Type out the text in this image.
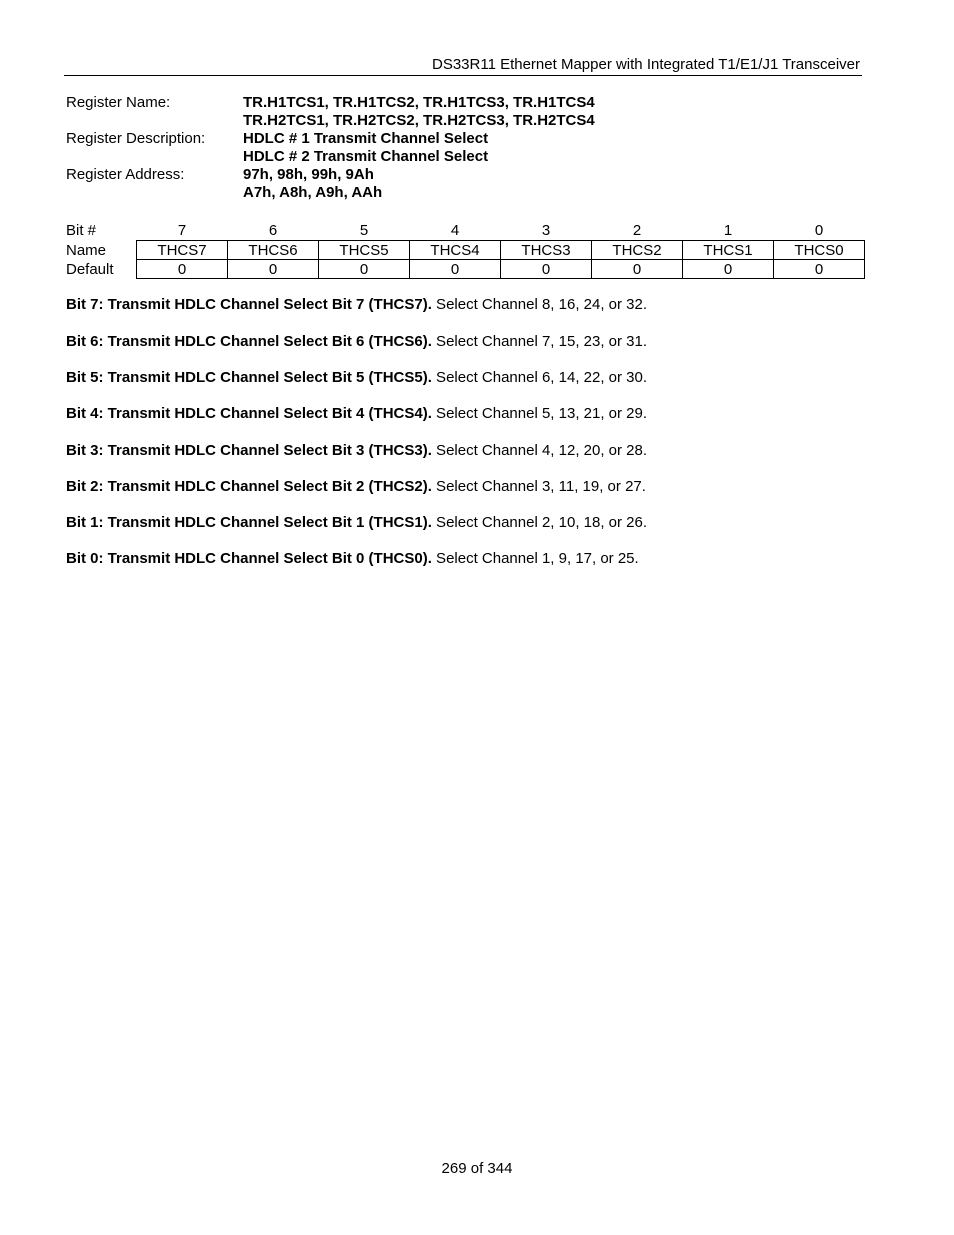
DS33R11 Ethernet Mapper with Integrated T1/E1/J1 Transceiver
Register Name:	TR.H1TCS1, TR.H1TCS2, TR.H1TCS3, TR.H1TCS4
TR.H2TCS1, TR.H2TCS2, TR.H2TCS3, TR.H2TCS4
Register Description:	HDLC # 1 Transmit Channel Select
HDLC # 2 Transmit Channel Select
Register Address:	97h, 98h, 99h, 9Ah
A7h, A8h, A9h, AAh
Bit #	7	6	5	4	3	2	1	0
Name	THCS7	THCS6	THCS5	THCS4	THCS3	THCS2	THCS1	THCS0
Default	0	0	0	0	0	0	0	0
Bit 7: Transmit HDLC Channel Select Bit 7 (THCS7). Select Channel 8, 16, 24, or 32.
Bit 6: Transmit HDLC Channel Select Bit 6 (THCS6). Select Channel 7, 15, 23, or 31.
Bit 5: Transmit HDLC Channel Select Bit 5 (THCS5). Select Channel 6, 14, 22, or 30.
Bit 4: Transmit HDLC Channel Select Bit 4 (THCS4). Select Channel 5, 13, 21, or 29.
Bit 3: Transmit HDLC Channel Select Bit 3 (THCS3). Select Channel 4, 12, 20, or 28.
Bit 2: Transmit HDLC Channel Select Bit 2 (THCS2). Select Channel 3, 11, 19, or 27.
Bit 1: Transmit HDLC Channel Select Bit 1 (THCS1). Select Channel 2, 10, 18, or 26.
Bit 0: Transmit HDLC Channel Select Bit 0 (THCS0). Select Channel 1, 9, 17, or 25.
269 of 344
